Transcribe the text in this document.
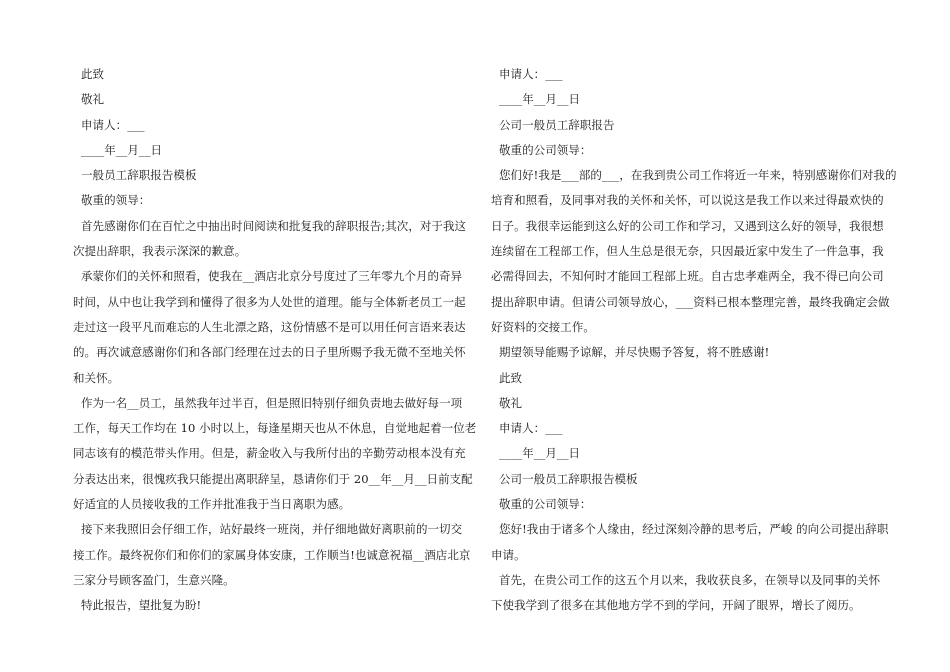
此致
敬礼
申请人：___
____年__月__日
一般员工辞职报告模板
敬重的领导：
首先感谢你们在百忙之中抽出时间阅读和批复我的辞职报告;其次，对于我这
次提出辞职，我表示深深的歉意。
承蒙你们的关怀和照看，使我在__酒店北京分号度过了三年零九个月的奇异
时间，从中也让我学到和懂得了很多为人处世的道理。能与全体新老员工一起
走过这一段平凡而难忘的人生北漂之路，这份情感不是可以用任何言语来表达
的。再次诚意感谢你们和各部门经理在过去的日子里所赐予我无微不至地关怀
和关怀。
作为一名__员工，虽然我年过半百，但是照旧特别仔细负责地去做好每一项
工作，每天工作均在 10 小时以上，每逢星期天也从不休息，自觉地起着一位老
同志该有的模范带头作用。但是，薪金收入与我所付出的辛勤劳动根本没有充
分表达出来，很愧疚我只能提出离职辞呈，恳请你们于 20__年__月__日前支配
好适宜的人员接收我的工作并批准我于当日离职为感。
接下来我照旧会仔细工作，站好最终一班岗，并仔细地做好离职前的一切交
接工作。最终祝你们和你们的家属身体安康，工作顺当!也诚意祝福__酒店北京
三家分号顾客盈门，生意兴隆。
特此报告，望批复为盼!
申请人：___
____年__月__日
公司一般员工辞职报告
敬重的公司领导：
您们好!我是___部的___，在我到贵公司工作将近一年来，特别感谢你们对我的
培育和照看，及同事对我的关怀和关怀，可以说这是我工作以来过得最欢快的
日子。我很幸运能到这么好的公司工作和学习，又遇到这么好的领导，我很想
连续留在工程部工作，但人生总是很无奈，只因最近家中发生了一件急事，我
必需得回去，不知何时才能回工程部上班。自古忠孝难两全，我不得已向公司
提出辞职申请。但请公司领导放心，___资料已根本整理完善，最终我确定会做
好资料的交接工作。
期望领导能赐予谅解，并尽快赐予答复，将不胜感谢!
此致
敬礼
申请人：___
____年__月__日
公司一般员工辞职报告模板
敬重的公司领导：
您好!我由于诸多个人缘由，经过深刻冷静的思考后，严峻 的向公司提出辞职
申请。
首先，在贵公司工作的这五个月以来，我收获良多，在领导以及同事的关怀
下使我学到了很多在其他地方学不到的学问，开阔了眼界，增长了阅历。
